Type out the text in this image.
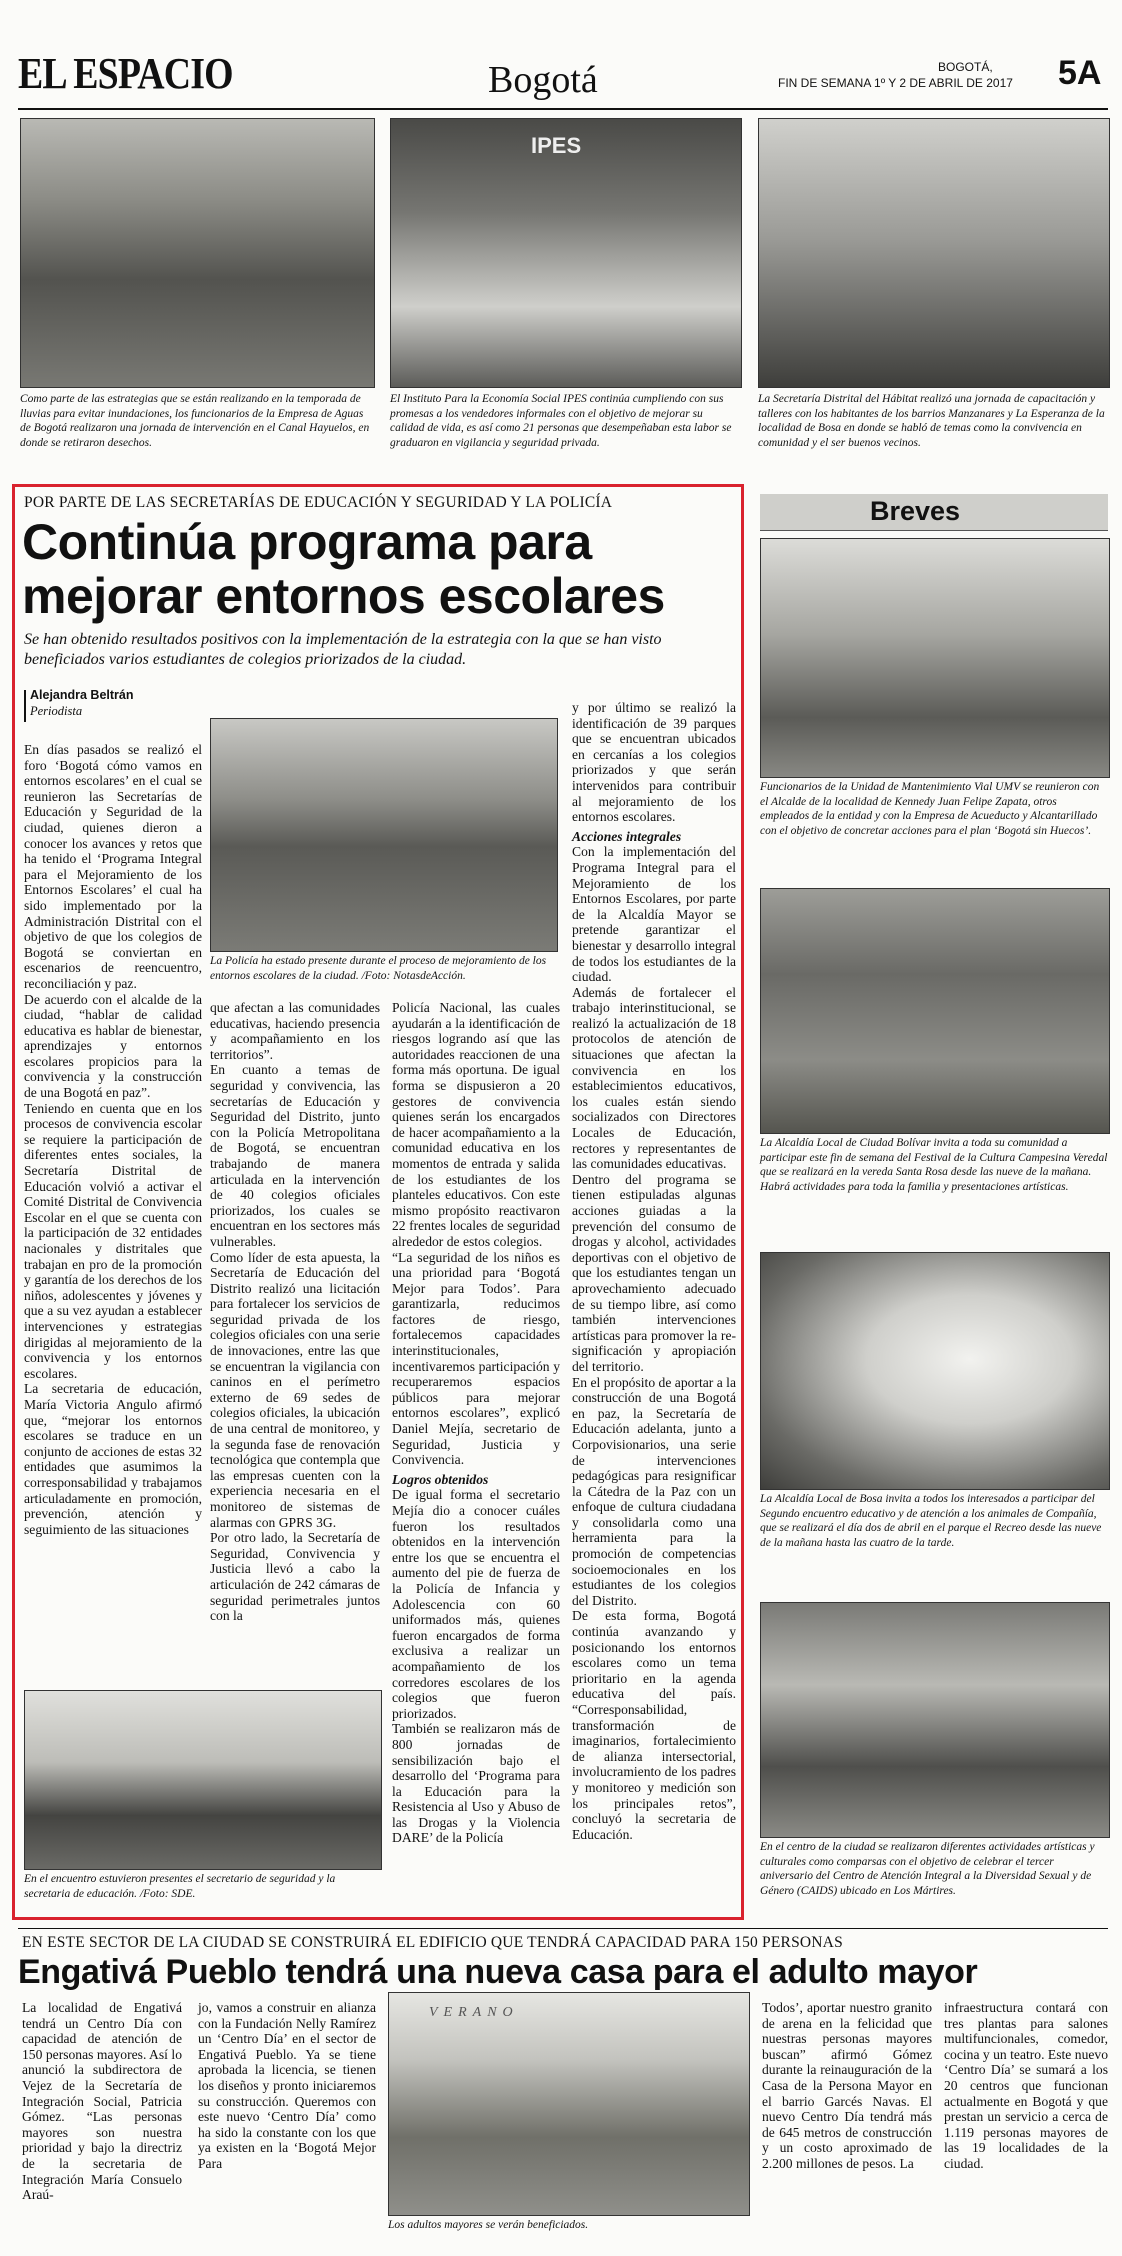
EL ESPACIO	Bogotá	BOGOTÁ,
FIN DE SEMANA 1º Y 2 DE ABRIL DE 2017 5A
Como parte de las estrategias que se están realizando en la temporada de lluvias para evitar inundaciones, los funcionarios de la Empresa de Aguas de Bogotá realizaron una jornada de intervención en el Canal Hayuelos, en donde se retiraron desechos.
IPES
El Instituto Para la Economía Social IPES continúa cumpliendo con sus promesas a los vendedores informales con el objetivo de mejorar su calidad de vida, es así como 21 personas que desempeñaban esta labor se graduaron en vigilancia y seguridad privada.
La Secretaría Distrital del Hábitat realizó una jornada de capacitación y talleres con los habitantes de los barrios Manzanares y La Esperanza de la localidad de Bosa en donde se habló de temas como la convivencia en comunidad y el ser buenos vecinos.
POR PARTE DE LAS SECRETARÍAS DE EDUCACIÓN Y SEGURIDAD Y LA POLICÍA
Continúa programa para
mejorar entornos escolares
Se han obtenido resultados positivos con la implementación de la estrategia con la que se han visto beneficiados varios estudiantes de colegios priorizados de la ciudad.
Alejandra Beltrán
Periodista

En días pasados se realizó el foro ‘Bogotá cómo vamos en entornos escolares’ en el cual se reunieron las Secretarías de Educación y Seguridad de la ciudad, quienes dieron a conocer los avances y retos que ha tenido el ‘Programa Integral para el Mejoramiento de los Entornos Escolares’ el cual ha sido implementado por la Administración Distrital con el objetivo de que los colegios de Bogotá se conviertan en escenarios de reencuentro, reconciliación y paz.

De acuerdo con el alcalde de la ciudad, “hablar de calidad educativa es hablar de bienestar, aprendizajes y entornos escolares propicios para la convivencia y la construcción de una Bogotá en paz”.

Teniendo en cuenta que en los procesos de convivencia escolar se requiere la participación de diferentes entes sociales, la Secretaría Distrital de Educación volvió a activar el Comité Distrital de Convivencia Escolar en el que se cuenta con la participación de 32 entidades nacionales y distritales que trabajan en pro de la promoción y garantía de los derechos de los niños, adolescentes y jóvenes y que a su vez ayudan a establecer intervenciones y estrategias dirigidas al mejoramiento de la convivencia y los entornos escolares.

La secretaria de educación, María Victoria Angulo afirmó que, “mejorar los entornos escolares se traduce en un conjunto de acciones de estas 32 entidades que asumimos la corresponsabilidad y trabajamos articuladamente en promoción, prevención, atención y seguimiento de las situaciones

La Policía ha estado presente durante el proceso de mejoramiento de los entornos escolares de la ciudad. /Foto: NotasdeAcción.

que afectan a las comunidades educativas, haciendo presencia y acompañamiento en los territorios”.

En cuanto a temas de seguridad y convivencia, las secretarías de Educación y Seguridad del Distrito, junto con la Policía Metropolitana de Bogotá, se encuentran trabajando de manera articulada en la intervención de 40 colegios oficiales priorizados, los cuales se encuentran en los sectores más vulnerables.

Como líder de esta apuesta, la Secretaría de Educación del Distrito realizó una licitación para fortalecer los servicios de seguridad privada de los colegios oficiales con una serie de innovaciones, entre las que se encuentran la vigilancia con caninos en el perímetro externo de 69 sedes de colegios oficiales, la ubicación de una central de monitoreo, y la segunda fase de renovación tecnológica que contempla que las empresas cuenten con la experiencia necesaria en el monitoreo de sistemas de alarmas con GPRS 3G.

Por otro lado, la Secretaría de Seguridad, Convivencia y Justicia llevó a cabo la articulación de 242 cámaras de seguridad perimetrales juntos con la

Policía Nacional, las cuales ayudarán a la identificación de riesgos logrando así que las autoridades reaccionen de una forma más oportuna. De igual forma se dispusieron a 20 gestores de convivencia quienes serán los encargados de hacer acompañamiento a la comunidad educativa en los momentos de entrada y salida de los estudiantes de los planteles educativos. Con este mismo propósito reactivaron 22 frentes locales de seguridad alrededor de estos colegios.

“La seguridad de los niños es una prioridad para ‘Bogotá Mejor para Todos’. Para garantizarla, reducimos factores de riesgo, fortalecemos capacidades interinstitucionales, incentivaremos participación y recuperaremos espacios públicos para mejorar entornos escolares”, explicó Daniel Mejía, secretario de Seguridad, Justicia y Convivencia.

Logros obtenidos

De igual forma el secretario Mejía dio a conocer cuáles fueron los resultados obtenidos en la intervención entre los que se encuentra el aumento del pie de fuerza de la Policía de Infancia y Adolescencia con 60 uniformados más, quienes fueron encargados de forma exclusiva a realizar un acompañamiento de los corredores escolares de los colegios que fueron priorizados.

También se realizaron más de 800 jornadas de sensibilización bajo el desarrollo del ‘Programa para la Educación para la Resistencia al Uso y Abuso de las Drogas y la Violencia DARE’ de la Policía

y por último se realizó la identificación de 39 parques que se encuentran ubicados en cercanías a los colegios priorizados y que serán intervenidos para contribuir al mejoramiento de los entornos escolares.

Acciones integrales

Con la implementación del Programa Integral para el Mejoramiento de los Entornos Escolares, por parte de la Alcaldía Mayor se pretende garantizar el bienestar y desarrollo integral de todos los estudiantes de la ciudad.

Además de fortalecer el trabajo interinstitucional, se realizó la actualización de 18 protocolos de atención de situaciones que afectan la convivencia en los establecimientos educativos, los cuales están siendo socializados con Directores Locales de Educación, rectores y representantes de las comunidades educativas.

Dentro del programa se tienen estipuladas algunas acciones guiadas a la prevención del consumo de drogas y alcohol, actividades deportivas con el objetivo de que los estudiantes tengan un aprovechamiento adecuado de su tiempo libre, así como también intervenciones artísticas para promover la re-significación y apropiación del territorio.

En el propósito de aportar a la construcción de una Bogotá en paz, la Secretaría de Educación adelanta, junto a Corpovisionarios, una serie de intervenciones pedagógicas para resignificar la Cátedra de la Paz con un enfoque de cultura ciudadana y consolidarla como una herramienta para la promoción de competencias socioemocionales en los estudiantes de los colegios del Distrito.

De esta forma, Bogotá continúa avanzando y posicionando los entornos escolares como un tema prioritario en la agenda educativa del país. “Corresponsabilidad, transformación de imaginarios, fortalecimiento de alianza intersectorial, involucramiento de los padres y monitoreo y medición son los principales retos”, concluyó la secretaria de Educación.

En el encuentro estuvieron presentes el secretario de seguridad y la secretaria de educación. /Foto: SDE.
Breves
Funcionarios de la Unidad de Mantenimiento Vial UMV se reunieron con el Alcalde de la localidad de Kennedy Juan Felipe Zapata, otros empleados de la entidad y con la Empresa de Acueducto y Alcantarillado con el objetivo de concretar acciones para el plan ‘Bogotá sin Huecos’.
La Alcaldía Local de Ciudad Bolívar invita a toda su comunidad a participar este fin de semana del Festival de la Cultura Campesina Veredal que se realizará en la vereda Santa Rosa desde las nueve de la mañana. Habrá actividades para toda la familia y presentaciones artísticas.
La Alcaldía Local de Bosa invita a todos los interesados a participar del Segundo encuentro educativo y de atención a los animales de Compañía, que se realizará el día dos de abril en el parque el Recreo desde las nueve de la mañana hasta las cuatro de la tarde.
En el centro de la ciudad se realizaron diferentes actividades artísticas y culturales como comparsas con el objetivo de celebrar el tercer aniversario del Centro de Atención Integral a la Diversidad Sexual y de Género (CAIDS) ubicado en Los Mártires.
EN ESTE SECTOR DE LA CIUDAD SE CONSTRUIRÁ EL EDIFICIO QUE TENDRÁ CAPACIDAD PARA 150 PERSONAS
Engativá Pueblo tendrá una nueva casa para el adulto mayor

La localidad de Engativá tendrá un Centro Día con capacidad de atención de 150 personas mayores. Así lo anunció la subdirectora de Vejez de la Secretaría de Integración Social, Patricia Gómez. “Las personas mayores son nuestra prioridad y bajo la directriz de la secretaria de Integración María Consuelo Araú-

jo, vamos a construir en alianza con la Fundación Nelly Ramírez un ‘Centro Día’ en el sector de Engativá Pueblo. Ya se tiene aprobada la licencia, se tienen los diseños y pronto iniciaremos su construcción. Queremos con este nuevo ‘Centro Día’ como ha sido la constante con los que ya existen en la ‘Bogotá Mejor Para

VERANO
Los adultos mayores se verán beneficiados.

Todos’, aportar nuestro granito de arena en la felicidad que nuestras personas mayores buscan” afirmó Gómez durante la reinauguración de la Casa de la Persona Mayor en el barrio Garcés Navas. El nuevo Centro Día tendrá más de 645 metros de construcción y un costo aproximado de 2.200 millones de pesos. La

infraestructura contará con tres plantas para salones multifuncionales, comedor, cocina y un teatro. Este nuevo ‘Centro Día’ se sumará a los 20 centros que funcionan actualmente en Bogotá y que prestan un servicio a cerca de 1.119 personas mayores de las 19 localidades de la ciudad.
